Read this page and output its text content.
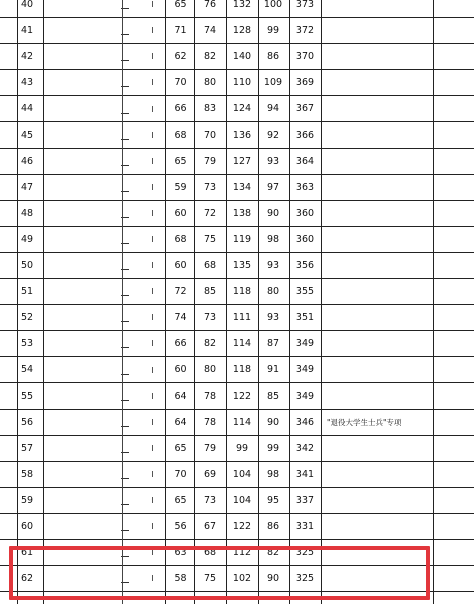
40	65	76	132	100	373
41	71	74	128	99	372
42	62	82	140	86	370
43	70	80	110	109	369
44	66	83	124	94	367
45	68	70	136	92	366
46	65	79	127	93	364
47	59	73	134	97	363
48	60	72	138	90	360
49	68	75	119	98	360
50	60	68	135	93	356
51	72	85	118	80	355
52	74	73	111	93	351
53	66	82	114	87	349
54	60	80	118	91	349
55	64	78	122	85	349
56	64	78	114	90	346	"退役大学生士兵"专项
57	65	79	99	99	342
58	70	69	104	98	341
59	65	73	104	95	337
60	56	67	122	86	331
61	63	68	112	82	325
62	58	75	102	90	325
